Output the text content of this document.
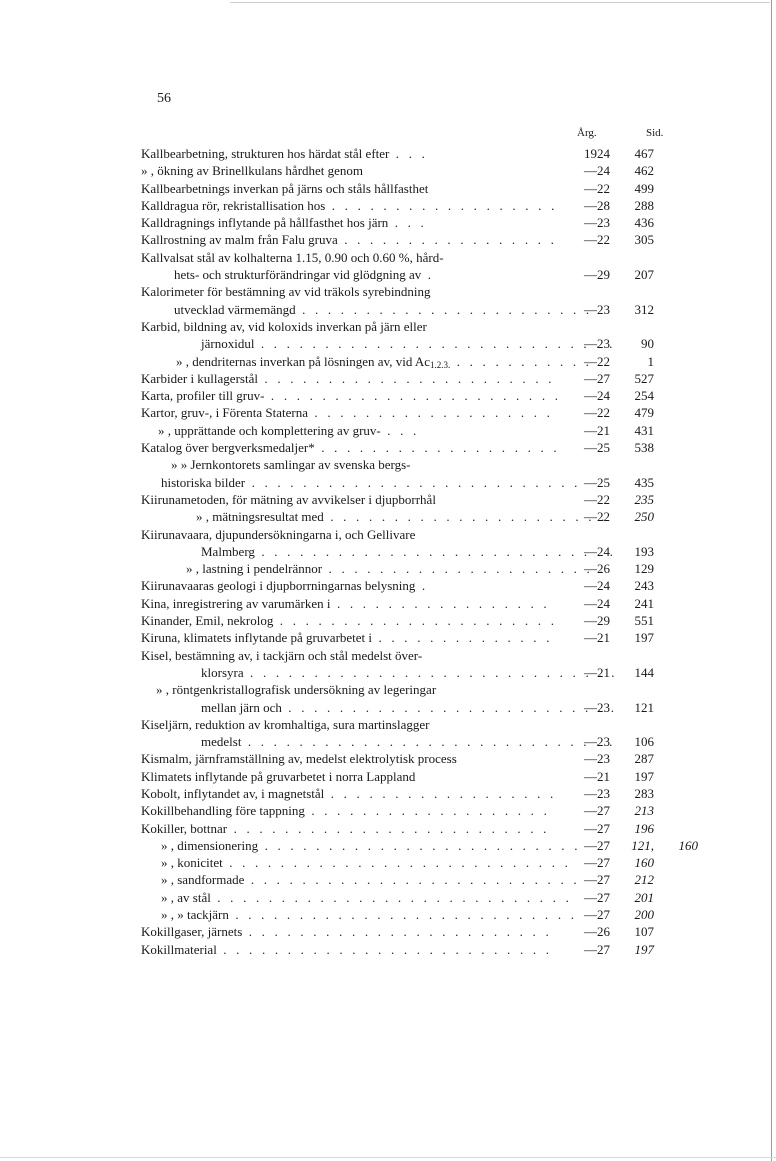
56
Årg.	Sid.
Kallbearbetning, strukturen hos härdat stål efter . . .	1924	467
» , ökning av Brinellkulans hårdhet genom	—24	462
Kallbearbetnings inverkan på järns och ståls hållfasthet	—22	499
Kalldragua rör, rekristallisation hos . . .	—28	288
Kalldragnings inflytande på hållfasthet hos järn . . .	—23	436
Kallrostning av malm från Falu gruva . . .	—22	305
Kallvalsat stål av kolhalterna 1.15, 0.90 och 0.60 %, hård-
hets- och strukturförändringar vid glödgning av .	—29	207
Kalorimeter för bestämning av vid träkols syrebindning
utvecklad värmemängd . . .	—23	312
Karbid, bildning av, vid koloxids inverkan på järn eller
järnoxidul . . .	—23	90
» , dendriternas inverkan på lösningen av, vid $Ac_{1.2.3.}$ . . .	—22	1
Karbider i kullagerstål . . .	—27	527
Karta, profiler till gruv- . . .	—24	254
Kartor, gruv-, i Förenta Staterna . . .	—22	479
» , upprättande och komplettering av gruv- . . .	—21	431
Katalog över bergverksmedaljer* . . .	—25	538
» » Jernkontorets samlingar av svenska bergs-
historiska bilder . . .	—25	435
Kiirunametoden, för mätning av avvikelser i djupborrhål	—22	235
» , mätningsresultat med . . .	—22	250
Kiirunavaara, djupundersökningarna i, och Gellivare
Malmberg . . .	—24	193
» , lastning i pendelrännor . . .	—26	129
Kiirunavaaras geologi i djupborrningarnas belysning .	—24	243
Kina, inregistrering av varumärken i . . .	—24	241
Kinander, Emil, nekrolog . . .	—29	551
Kiruna, klimatets inflytande på gruvarbetet i . . .	—21	197
Kisel, bestämning av, i tackjärn och stål medelst över-
klorsyra . . .	—21	144
» , röntgenkristallografisk undersökning av legeringar
mellan järn och . . .	—23	121
Kiseljärn, reduktion av kromhaltiga, sura martinslagger
medelst . . .	—23	106
Kismalm, järnframställning av, medelst elektrolytisk process	—23	287
Klimatets inflytande på gruvarbetet i norra Lappland	—21	197
Kobolt, inflytandet av, i magnetstål . . .	—23	283
Kokillbehandling före tappning . . .	—27	213
Kokiller, bottnar . . .	—27	196
» , dimensionering . . .	—27	121,	160
» , konicitet . . .	—27	160
» , sandformade . . .	—27	212
» , av stål . . .	—27	201
» , » tackjärn . . .	—27	200
Kokillgaser, järnets . . .	—26	107
Kokillmaterial . . .	—27	197
